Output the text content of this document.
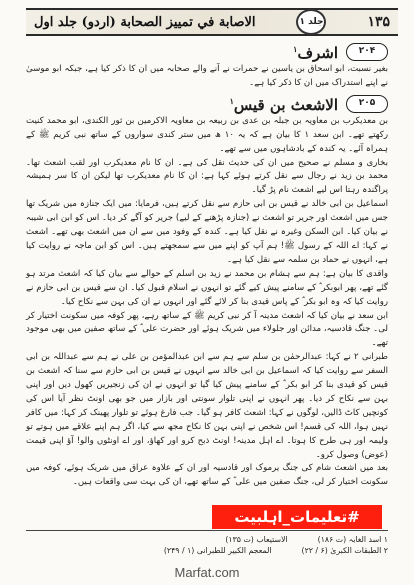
۱۳۵
جلد ۱
الاصابة في تمييز الصحابة (اردو) جلد اول
۲۰۴
اشرف$^۱$

بغیر نسبت، ابو اسحاق بن یاسین نے حمرات نے آنے والے صحابہ میں ان کا ذکر کیا ہے، جبکہ ابو موسیٰ نے اپنے استدراک میں ان کا ذکر کیا ہے۔

۲۰۵
الاشعث بن قیس$^۱$

بن معدیکرب بن معاویہ بن جبلہ بن عدی بن ربیعہ بن معاویہ الاکرمین بن ثور الکندی، ابو محمد کنیت رکھتے تھے۔ ابن سعد ۱ کا بیان ہے کہ یہ ۱۰ ھ میں ستر کندی سواروں کے ساتھ نبی کریم ﷺ کے ہمراہ آئے۔ یہ کندہ کے بادشاہوں میں سے تھے۔

بخاری و مسلم نے صحیح میں ان کی حدیث نقل کی ہے۔ ان کا نام معدیکرب اور لقب اشعث تھا۔ محمد بن زید نے رجال سے نقل کرتے ہوئے کہا ہے: ان کا نام معدیکرب تھا لیکن ان کا سر ہمیشہ پراگندہ رہتا اس لیے اشعث نام پڑ گیا۔

اسماعیل بن ابی خالد نے قیس بن ابی حازم سے نقل کرتے ہیں، فرمایا: میں ایک جنازہ میں شریک تھا جس میں اشعث اور جریر تو اشعث نے (جنازہ پڑھنے کے لیے) جریر کو آگے کر دیا۔ اس کو ابن ابی شیبہ نے بیان کیا۔ ابن السکن وغیرہ نے نقل کیا ہے۔ کندہ کے وفود میں سے ان میں اشعث بھی تھے۔ اشعث نے کہا: اے اللہ کے رسول ﷺ! ہم آپ کو اپنے میں سے سمجھتے ہیں۔ اس کو ابن ماجہ نے روایت کیا ہے، انہوں نے حماد بن سلمہ سے نقل کیا ہے۔

واقدی کا بیان ہے: ہم سے ہشام بن محمد نے زید بن اسلم کے حوالے سے بیان کیا کہ اشعث مرتد ہو گئے تھے، پھر ابوبکر ؓ کے سامنے پیش کیے گئے تو انہوں نے اسلام قبول کیا۔ ان سے قیس بن ابی حازم نے روایت کیا کہ وہ ابو بکر ؓ کے پاس قیدی بنا کر لائے گئے اور انہوں نے ان کی بہن سے نکاح کیا۔

ابن سعد نے بیان کیا کہ اشعث مدینہ آ کر نبی کریم ﷺ کے ساتھ رہے، پھر کوفہ میں سکونت اختیار کر لی۔ جنگ قادسیہ، مدائن اور جلولاء میں شریک ہوئے اور حضرت علی ؓ کے ساتھ صفین میں بھی موجود تھے۔

طبرانی ۲ نے کہا: عبدالرحمٰن بن سلم سے ہم سے ابن عبدالمؤمن بن علی نے ہم سے عبداللہ بن ابی السفر سے روایت کیا کہ اسماعیل بن ابی خالد سے انہوں نے قیس بن ابی حازم سے سنا کہ اشعث بن قیس کو قیدی بنا کر ابو بکر ؓ کے سامنے پیش کیا گیا تو انہوں نے ان کی زنجیریں کھول دیں اور اپنی بہن سے نکاح کر دیا۔ پھر انہوں نے اپنی تلوار سونتی اور بازار میں جو بھی اونٹ نظر آیا اس کی کونچیں کاٹ ڈالیں، لوگوں نے کہا: اشعث کافر ہو گیا۔ جب فارغ ہوئے تو تلوار پھینک کر کہا: میں کافر نہیں ہوا، اللہ کی قسم! اس شخص نے اپنی بہن کا نکاح مجھ سے کیا، اگر ہم اپنے علاقے میں ہوتے تو ولیمہ اور ہی طرح کا ہوتا۔ اے اہل مدینہ! اونٹ ذبح کرو اور کھاؤ، اور اے اونٹوں والو! آؤ اپنی قیمت (عوض) وصول کرو۔

بعد میں اشعث شام کی جنگ یرموک اور قادسیہ اور ان کے علاوہ عراق میں شریک ہوئے، کوفہ میں سکونت اختیار کر لی، جنگ صفین میں علی ؓ کے ساتھ تھے، ان کی بہت سی واقعات ہیں۔

#تعلیمات_اہلبیت
۱ اسد الغابہ (ت ۱۸۶)
الاستیعاب (ت ۱۳۵)
۲ الطبقات الکبریٰ (۶ / ۲۲)
المعجم الکبیر للطبرانی (۱ / ۲۴۹)
Marfat.com
